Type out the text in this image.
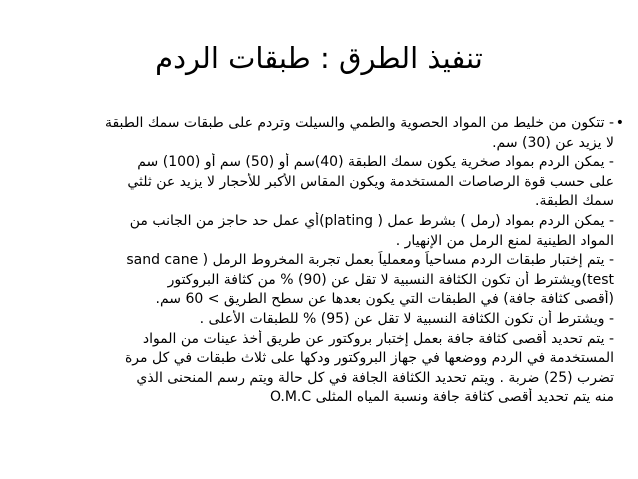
تنفيذ الطرق : طبقات الردم
•

- تتكون من خليط من المواد الحصوية والطمي والسيلت وتردم على طبقات سمك الطبقة
لا يزيد عن (30) سم.

- يمكن الردم بمواد صخرية يكون سمك الطبقة (40)سم أو (50) سم أو (100) سم
على حسب قوة الرصاصات المستخدمة ويكون المقاس الأكبر للأحجار لا يزيد عن ثلثي
سمك الطبقة.

- يمكن الردم بمواد (رمل ) بشرط عمل ( plating)أي عمل حد حاجز من الجانب من
المواد الطينية لمنع الرمل من الإنهيار .

- يتم إختبار طبقات الردم مساحياً ومعملياً بعمل تجربة المخروط الرمل ( sand cane
test)ويشترط أن تكون الكثافة النسبية لا تقل عن (90) % من كثافة البروكتور
(أقصى كثافة جافة) في الطبقات التي يكون بعدها عن سطح الطريق > 60 سم.
- ويشترط أن تكون الكثافة النسبية لا تقل عن (95) % للطبقات الأعلى .

- يتم تحديد أقصى كثافة جافة بعمل إختبار بروكتور عن طريق أخذ عينات من المواد
المستخدمة في الردم ووضعها في جهاز البروكتور ودكها على ثلاث طبقات في كل مرة
تضرب (25) ضربة . ويتم تحديد الكثافة الجافة في كل حالة ويتم رسم المنحنى الذي
منه يتم تحديد أقصى كثافة جافة ونسبة المياه المثلى O.M.C
